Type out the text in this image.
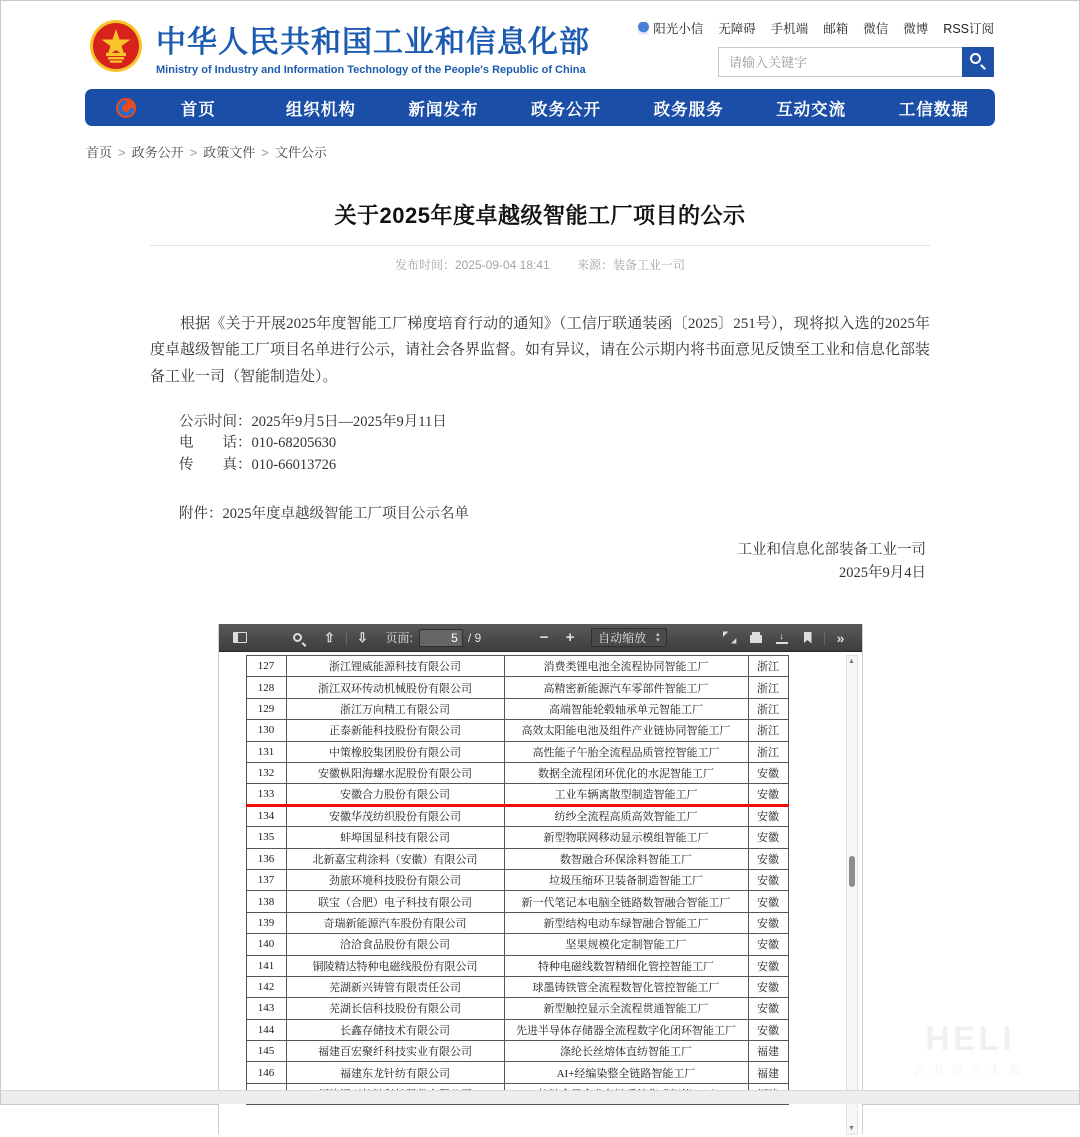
中华人民共和国工业和信息化部
Ministry of Industry and Information Technology of the People's Republic of China
阳光小信 无障碍 手机端 邮箱 微信 微博 RSS订阅
请输入关键字
首页	组织机构	新闻发布	政务公开	政务服务	互动交流	工信数据
首页 > 政务公开 > 政策文件 > 文件公示
关于2025年度卓越级智能工厂项目的公示
发布时间：2025-09-04 18:41 来源：装备工业一司

根据《关于开展2025年度智能工厂梯度培育行动的通知》（工信厅联通装函〔2025〕251号），现将拟入选的2025年度卓越级智能工厂项目名单进行公示，请社会各界监督。如有异议，请在公示期内将书面意见反馈至工业和信息化部装备工业一司（智能制造处）。

公示时间：2025年9月5日—2025年9月11日
电　　话：010-68205630
传　　真：010-66013726

附件：2025年度卓越级智能工厂项目公示名单

工业和信息化部装备工业一司
2025年9月4日
⇧ ⇩ 页面:
5	/ 9	− + 自动缩放 ▴
▾ ◤ ◤	↓	»
127	浙江锂威能源科技有限公司	消费类锂电池全流程协同智能工厂	浙江
128	浙江双环传动机械股份有限公司	高精密新能源汽车零部件智能工厂	浙江
129	浙江万向精工有限公司	高端智能轮毂轴承单元智能工厂	浙江
130	正泰新能科技股份有限公司	高效太阳能电池及组件产业链协同智能工厂	浙江
131	中策橡胶集团股份有限公司	高性能子午胎全流程品质管控智能工厂	浙江
132	安徽枞阳海螺水泥股份有限公司	数据全流程闭环优化的水泥智能工厂	安徽
133	安徽合力股份有限公司	工业车辆离散型制造智能工厂	安徽
134	安徽华茂纺织股份有限公司	纺纱全流程高质高效智能工厂	安徽
135	蚌埠国显科技有限公司	新型物联网移动显示模组智能工厂	安徽
136	北新嘉宝莉涂料（安徽）有限公司	数智融合环保涂料智能工厂	安徽
137	劲旅环境科技股份有限公司	垃圾压缩环卫装备制造智能工厂	安徽
138	联宝（合肥）电子科技有限公司	新一代笔记本电脑全链路数智融合智能工厂	安徽
139	奇瑞新能源汽车股份有限公司	新型结构电动车绿智融合智能工厂	安徽
140	洽洽食品股份有限公司	坚果规模化定制智能工厂	安徽
141	铜陵精达特种电磁线股份有限公司	特种电磁线数智精细化管控智能工厂	安徽
142	芜湖新兴铸管有限责任公司	球墨铸铁管全流程数智化管控智能工厂	安徽
143	芜湖长信科技股份有限公司	新型触控显示全流程贯通智能工厂	安徽
144	长鑫存储技术有限公司	先进半导体存储器全流程数字化闭环智能工厂	安徽
145	福建百宏聚纤科技实业有限公司	涤纶长丝熔体直纺智能工厂	福建
146	福建东龙针纺有限公司	AI+经编染整全链路智能工厂	福建

▲
▼
HELI
合力提升未来
